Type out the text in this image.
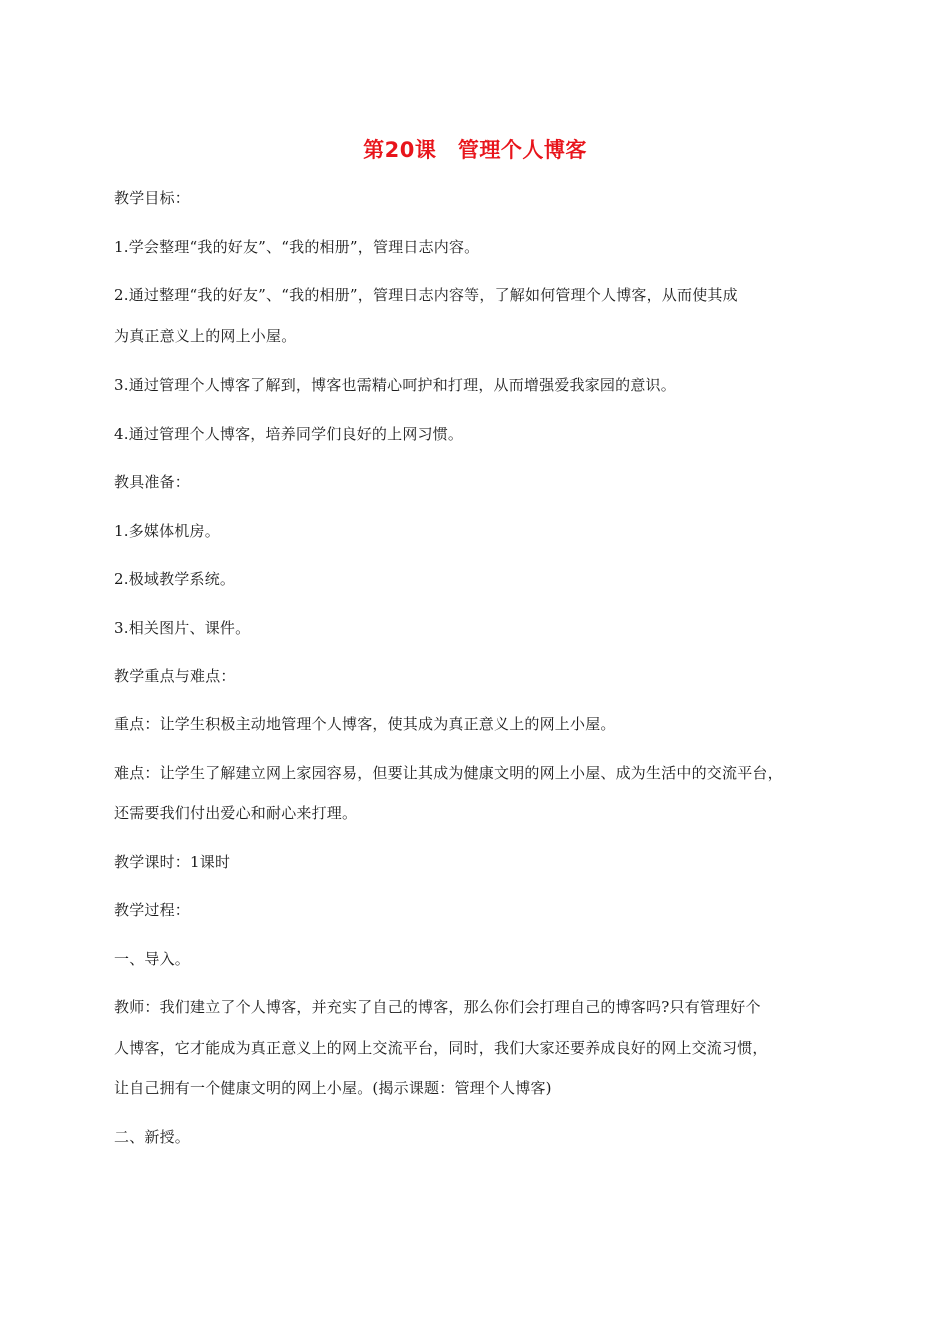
第20课　管理个人博客
教学目标：
1.学会整理“我的好友”、“我的相册”，管理日志内容。
2.通过整理“我的好友”、“我的相册”，管理日志内容等，了解如何管理个人博客，从而使其成
为真正意义上的网上小屋。
3.通过管理个人博客了解到，博客也需精心呵护和打理，从而增强爱我家园的意识。
4.通过管理个人博客，培养同学们良好的上网习惯。
教具准备：
1.多媒体机房。
2.极域教学系统。
3.相关图片、课件。
教学重点与难点：
重点：让学生积极主动地管理个人博客，使其成为真正意义上的网上小屋。
难点：让学生了解建立网上家园容易，但要让其成为健康文明的网上小屋、成为生活中的交流平台，
还需要我们付出爱心和耐心来打理。
教学课时：1课时
教学过程：
一、导入。
教师：我们建立了个人博客，并充实了自己的博客，那么你们会打理自己的博客吗?只有管理好个
人博客，它才能成为真正意义上的网上交流平台，同时，我们大家还要养成良好的网上交流习惯，
让自己拥有一个健康文明的网上小屋。(揭示课题：管理个人博客)
二、新授。
